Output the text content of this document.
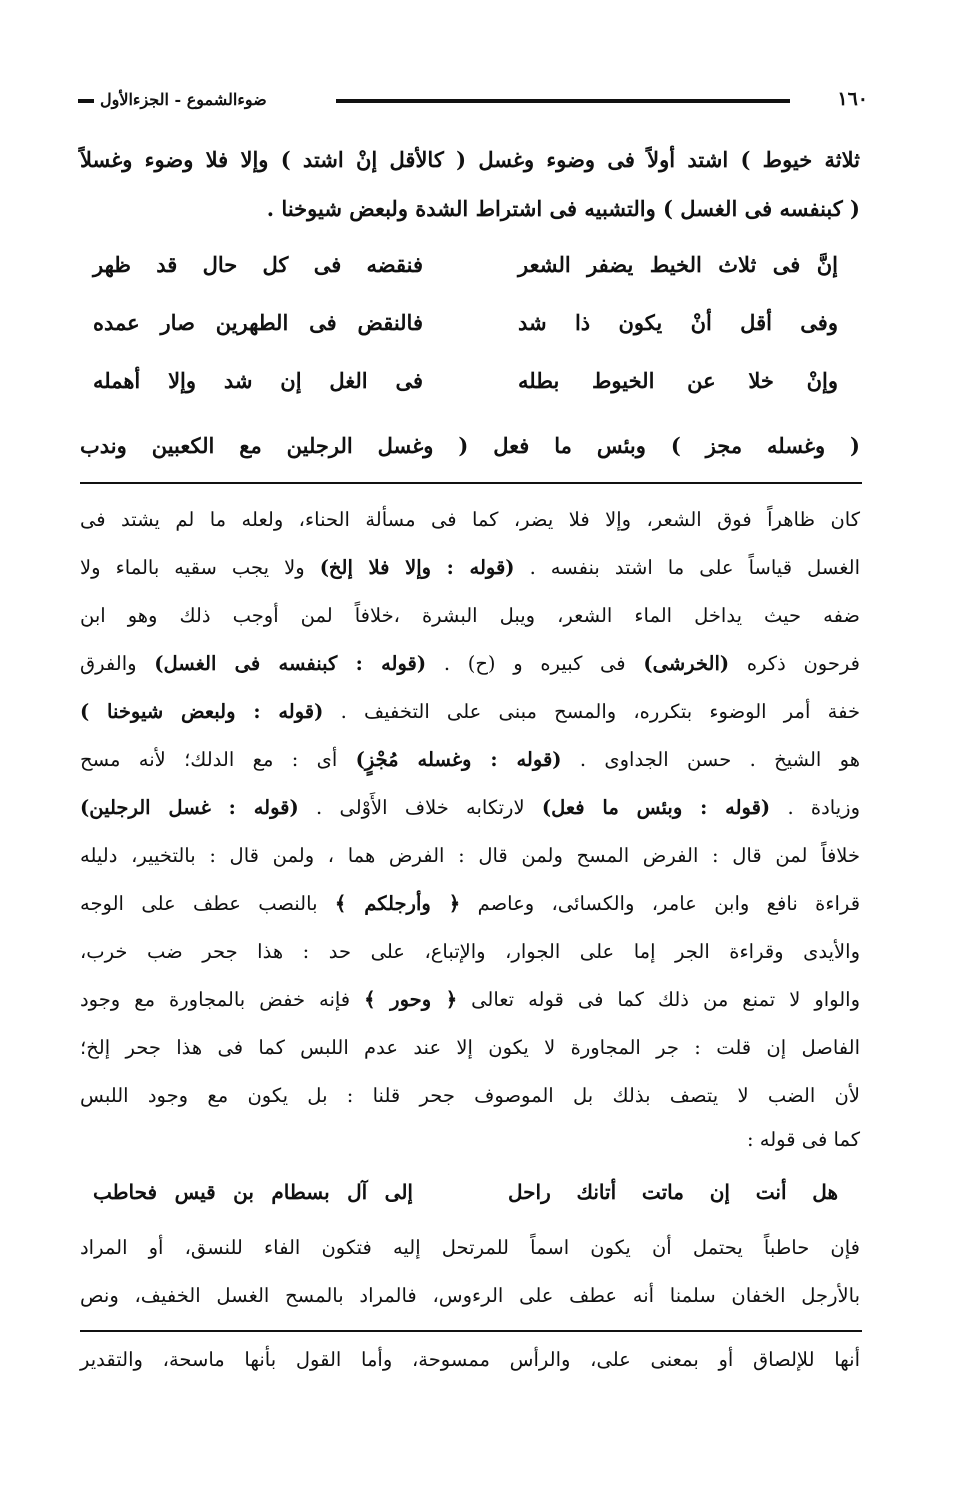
١٦٠
ضوءالشموع - الجزءالأول
ثلاثة خيوط ) اشتد أولاً فى وضوء وغسل ( كالأقل إنْ اشتد ) وإلا فلا وضوء وغسلاً
( كبنفسه فى الغسل ) والتشبيه فى اشتراط الشدة ولبعض شيوخنا .
إنَّ فى ثلاث الخيط يضفر الشعر
فنقضه فى كل حال قد ظهر
وفى أقل أنْ يكون ذا شد
فالنقض فى الطهرين صار عمده
وإنْ خلا عن الخيوط بطله
فى الغل إن شد وإلا أهمله
( وغسله مجز ) وبئس ما فعل ( وغسل الرجلين مع الكعبين وندب
كان ظاهراً فوق الشعر، وإلا فلا يضر، كما فى مسألة الحناء، ولعله ما لم يشتد فى
الغسل قياساً على ما اشتد بنفسه . (قوله : وإلا فلا إلخ) ولا يجب سقيه بالماء ولا
ضفه حيث يداخل الماء الشعر، ويبل البشرة ،خلافاً لمن أوجب ذلك وهو ابن
فرحون ذكره (الخرشى) فى كبيره و (ح) . (قوله : كبنفسه فى الغسل) والفرق
خفة أمر الوضوء بتكرره، والمسح مبنى على التخفيف . (قوله : ولبعض شيوخنا )
هو الشيخ . حسن الجداوى . (قوله : وغسله مُجْزٍ) أى : مع الدلك؛ لأنه مسح
وزيادة . (قوله : وبئس ما فعل) لارتكابه خلاف الأَوْلى . (قوله : غسل الرجلين)
خلافاً لمن قال : الفرض المسح ولمن قال : الفرض هما ، ولمن قال : بالتخيير، دليله
قراءة نافع وابن عامر، والكسائى، وعاصم ﴿ وأرجلكم ﴾ بالنصب عطف على الوجه
والأيدى وقراءة الجر إما على الجوار، والإتباع، على حد : هذا جحر ضب خرب،
والواو لا تمنع من ذلك كما فى قوله تعالى ﴿ وحور ﴾ فإنه خفض بالمجاورة مع وجود
الفاصل إن قلت : جر المجاورة لا يكون إلا عند عدم اللبس كما فى هذا جحر إلخ؛
لأن الضب لا يتصف بذلك بل الموصوف جحر قلنا : بل يكون مع وجود اللبس
كما فى قوله :
هل أنت إن ماتت أتانك راحل
إلى آل بسطام بن قيس فحاطب
فإن حاطباً يحتمل أن يكون اسماً للمرتحل إليه فتكون الفاء للنسق، أو المراد
بالأرجل الخفان سلمنا أنه عطف على الرءوس، فالمراد بالمسح الغسل الخفيف، ونص
أنها للإلصاق أو بمعنى على، والرأس ممسوحة، وأما القول بأنها ماسحة، والتقدير
